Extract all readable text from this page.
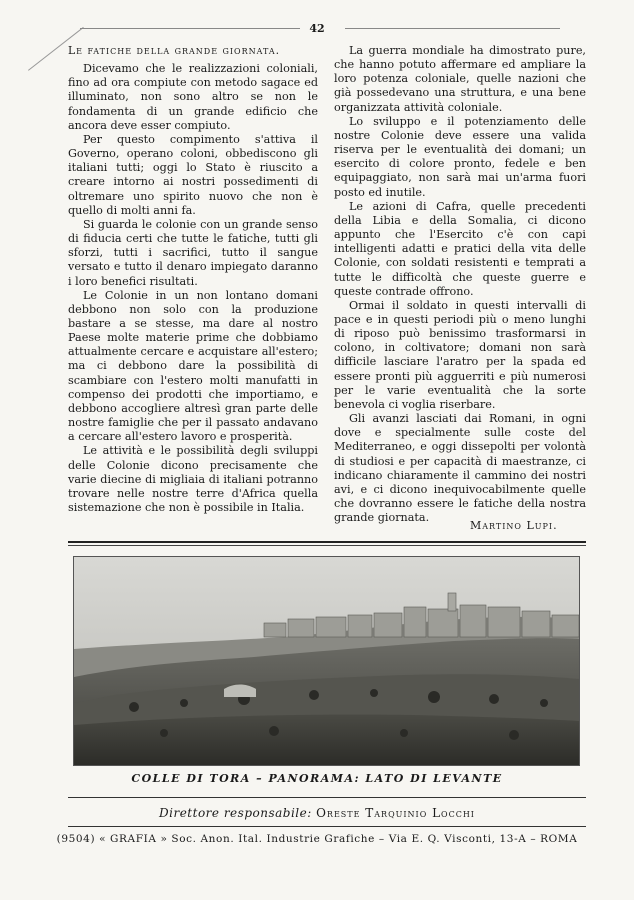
42

Le fatiche della grande giornata.

Dicevamo che le realizzazioni coloniali, fino ad ora compiute con metodo sagace ed illuminato, non sono altro se non le fondamenta di un grande edificio che ancora deve esser compiuto.

Per questo compimento s'attiva il Governo, operano coloni, obbediscono gli italiani tutti; oggi lo Stato è riuscito a creare intorno ai nostri possedimenti di oltremare uno spirito nuovo che non è quello di molti anni fa.

Si guarda le colonie con un grande senso di fiducia certi che tutte le fatiche, tutti gli sforzi, tutti i sacrifici, tutto il sangue versato e tutto il denaro impiegato daranno i loro benefici risultati.

Le Colonie in un non lontano domani debbono non solo con la produzione bastare a se stesse, ma dare al nostro Paese molte materie prime che dobbiamo attualmente cercare e acquistare all'estero; ma ci debbono dare la possibilità di scambiare con l'estero molti manufatti in compenso dei prodotti che importiamo, e debbono accogliere altresì gran parte delle nostre famiglie che per il passato andavano a cercare all'estero lavoro e prosperità.

Le attività e le possibilità degli sviluppi delle Colonie dicono precisamente che varie diecine di migliaia di italiani potranno trovare nelle nostre terre d'Africa quella sistemazione che non è possibile in Italia.

La guerra mondiale ha dimostrato pure, che hanno potuto affermare ed ampliare la loro potenza coloniale, quelle nazioni che già possedevano una struttura, e una bene organizzata attività coloniale.

Lo sviluppo e il potenziamento delle nostre Colonie deve essere una valida riserva per le eventualità dei domani; un esercito di colore pronto, fedele e ben equipaggiato, non sarà mai un'arma fuori posto ed inutile.

Le azioni di Cafra, quelle precedenti della Libia e della Somalia, ci dicono appunto che l'Esercito c'è con capi intelligenti adatti e pratici della vita delle Colonie, con soldati resistenti e temprati a tutte le difficoltà che queste guerre e queste contrade offrono.

Ormai il soldato in questi intervalli di pace e in questi periodi più o meno lunghi di riposo può benissimo trasformarsi in colono, in coltivatore; domani non sarà difficile lasciare l'aratro per la spada ed essere pronti più agguerriti e più numerosi per le varie eventualità che la sorte benevola ci voglia riserbare.

Gli avanzi lasciati dai Romani, in ogni dove e specialmente sulle coste del Mediterraneo, e oggi dissepolti per volontà di studiosi e per capacità di maestranze, ci indicano chiaramente il cammino dei nostri avi, e ci dicono inequivocabilmente quelle che dovranno essere le fatiche della nostra grande giornata.

Martino Lupi.
COLLE DI TORA – PANORAMA: LATO DI LEVANTE
Direttore responsabile: Oreste Tarquinio Locchi
(9504) « GRAFIA » Soc. Anon. Ital. Industrie Grafiche – Via E. Q. Visconti, 13-A – ROMA
